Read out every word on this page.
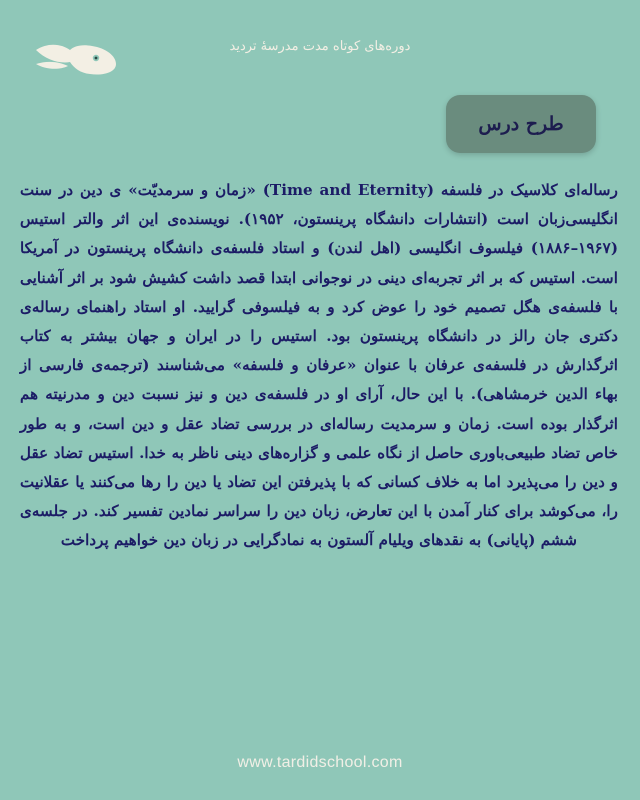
دوره‌های کوتاه مدت مدرسهٔ تردید
طرح درس

رساله‌ای کلاسیک در فلسفه (Time and Eternity) «زمان و سرمدیّت» ی دین در سنت انگلیسی‌زبان است (انتشارات دانشگاه پرینستون، ۱۹۵۲). نویسنده‌ی این اثر والتر استیس (۱۹۶۷–۱۸۸۶) فیلسوف انگلیسی (اهل لندن) و استاد فلسفه‌ی دانشگاه پرینستون در آمریکا است. استیس که بر اثر تجربه‌ای دینی در نوجوانی ابتدا قصد داشت کشیش شود بر اثر آشنایی با فلسفه‌ی هگل تصمیم خود را عوض کرد و به فیلسوفی گرایید. او استاد راهنمای رساله‌ی دکتری جان رالز در دانشگاه پرینستون بود. استیس را در ایران و جهان بیشتر به کتاب اثرگذارش در فلسفه‌ی عرفان با عنوان «عرفان و فلسفه» می‌شناسند (ترجمه‌ی فارسی از بهاء الدین خرمشاهی). با این حال، آرای او در فلسفه‌ی دین و نیز نسبت دین و مدرنیته هم اثرگذار بوده است. زمان و سرمدیت رساله‌ای در بررسی تضاد عقل و دین است، و به طور خاص تضاد طبیعی‌باوری حاصل از نگاه علمی و گزاره‌های دینی ناظر به خدا. استیس تضاد عقل و دین را می‌پذیرد اما به خلاف کسانی که با پذیرفتن این تضاد یا دین را رها می‌کنند یا عقلانیت را، می‌کوشد برای کنار آمدن با این تعارض، زبان دین را سراسر نمادین تفسیر کند. در جلسه‌ی ششم (پایانی) به نقدهای ویلیام آلستون به نمادگرایی در زبان دین خواهیم پرداخت

www.tardidschool.com
